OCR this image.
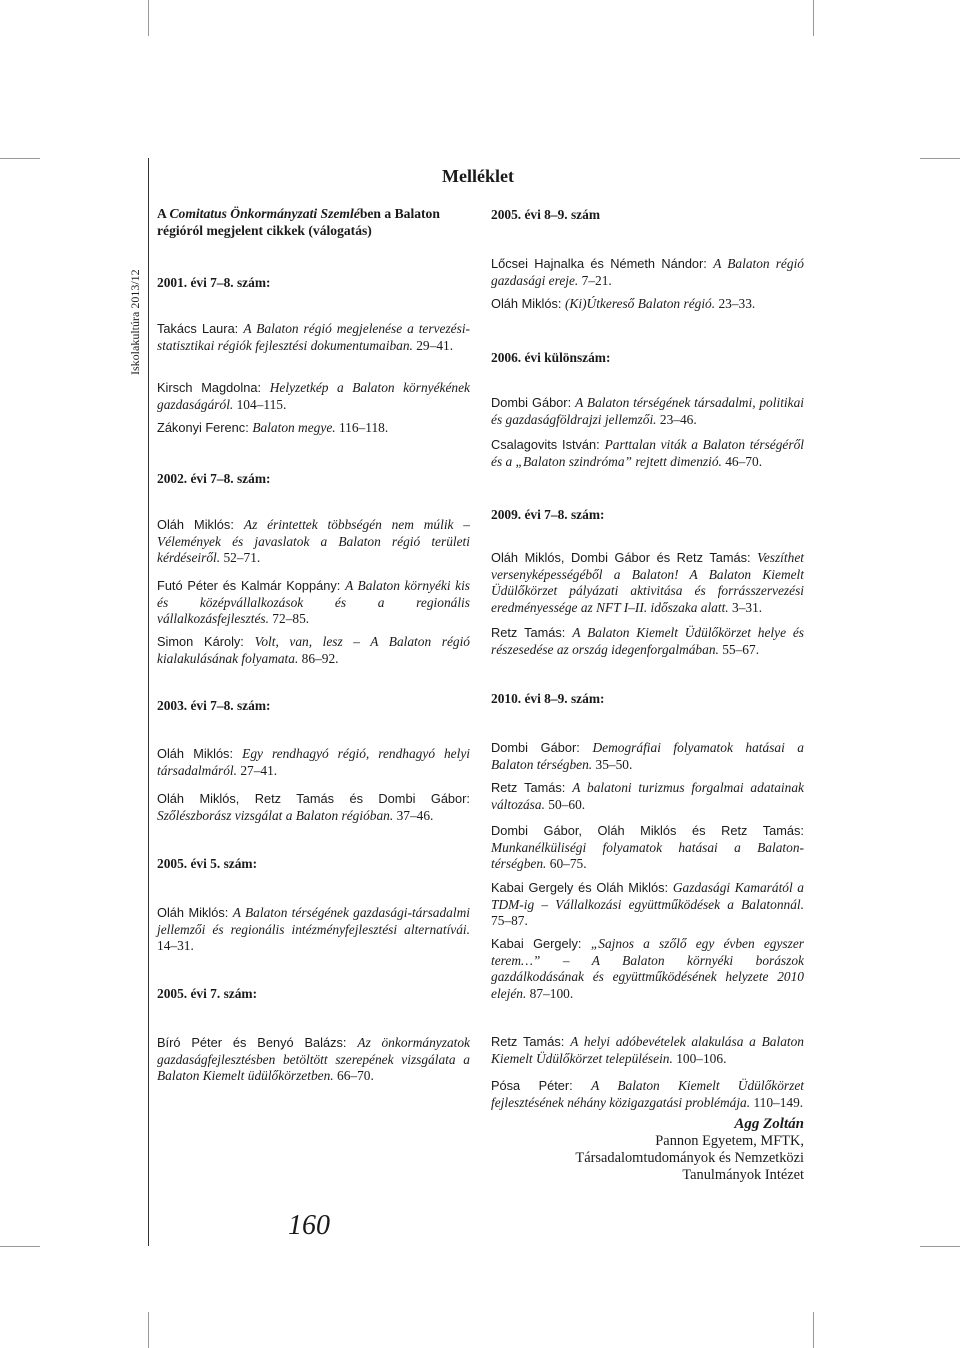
Iskolakultúra 2013/12
Melléklet
A Comitatus Önkormányzati Szemlében a Balaton régióról megjelent cikkek (válogatás)
2001. évi 7–8. szám:
Takács Laura: A Balaton régió megjelenése a tervezési-statisztikai régiók fejlesztési dokumentumaiban. 29–41.
Kirsch Magdolna: Helyzetkép a Balaton környékének gazdaságáról. 104–115.
Zákonyi Ferenc: Balaton megye. 116–118.
2002. évi 7–8. szám:
Oláh Miklós: Az érintettek többségén nem múlik – Vélemények és javaslatok a Balaton régió területi kérdéseiről. 52–71.
Futó Péter és Kalmár Koppány: A Balaton környéki kis és középvállalkozások és a regionális vállalkozásfejlesztés. 72–85.
Simon Károly: Volt, van, lesz – A Balaton régió kialakulásának folyamata. 86–92.
2003. évi 7–8. szám:
Oláh Miklós: Egy rendhagyó régió, rendhagyó helyi társadalmáról. 27–41.
Oláh Miklós, Retz Tamás és Dombi Gábor: Szőlészborász vizsgálat a Balaton régióban. 37–46.
2005. évi 5. szám:
Oláh Miklós: A Balaton térségének gazdasági-társadalmi jellemzői és regionális intézményfejlesztési alternatívái. 14–31.
2005. évi 7. szám:
Bíró Péter és Benyó Balázs: Az önkormányzatok gazdaságfejlesztésben betöltött szerepének vizsgálata a Balaton Kiemelt üdülőkörzetben. 66–70.
2005. évi 8–9. szám
Lőcsei Hajnalka és Németh Nándor: A Balaton régió gazdasági ereje. 7–21.
Oláh Miklós: (Ki)Útkereső Balaton régió. 23–33.
2006. évi különszám:
Dombi Gábor: A Balaton térségének társadalmi, politikai és gazdaságföldrajzi jellemzői. 23–46.
Csalagovits István: Parttalan viták a Balaton térségéről és a „Balaton szindróma” rejtett dimenzió. 46–70.
2009. évi 7–8. szám:
Oláh Miklós, Dombi Gábor és Retz Tamás: Veszíthet versenyképességéből a Balaton! A Balaton Kiemelt Üdülőkörzet pályázati aktivitása és forrásszervezési eredményessége az NFT I–II. időszaka alatt. 3–31.
Retz Tamás: A Balaton Kiemelt Üdülőkörzet helye és részesedése az ország idegenforgalmában. 55–67.
2010. évi 8–9. szám:
Dombi Gábor: Demográfiai folyamatok hatásai a Balaton térségben. 35–50.
Retz Tamás: A balatoni turizmus forgalmai adatainak változása. 50–60.
Dombi Gábor, Oláh Miklós és Retz Tamás: Munkanélküliségi folyamatok hatásai a Balaton-térségben. 60–75.
Kabai Gergely és Oláh Miklós: Gazdasági Kamarától a TDM-ig – Vállalkozási együttműködések a Balatonnál. 75–87.
Kabai Gergely: „Sajnos a szőlő egy évben egyszer terem…” – A Balaton környéki borászok gazdálkodásának és együttműködésének helyzete 2010 elején. 87–100.
Retz Tamás: A helyi adóbevételek alakulása a Balaton Kiemelt Üdülőkörzet településein. 100–106.
Pósa Péter: A Balaton Kiemelt Üdülőkörzet fejlesztésének néhány közigazgatási problémája. 110–149.
Agg Zoltán
Pannon Egyetem, MFTK,
Társadalomtudományok és Nemzetközi
Tanulmányok Intézet
160
